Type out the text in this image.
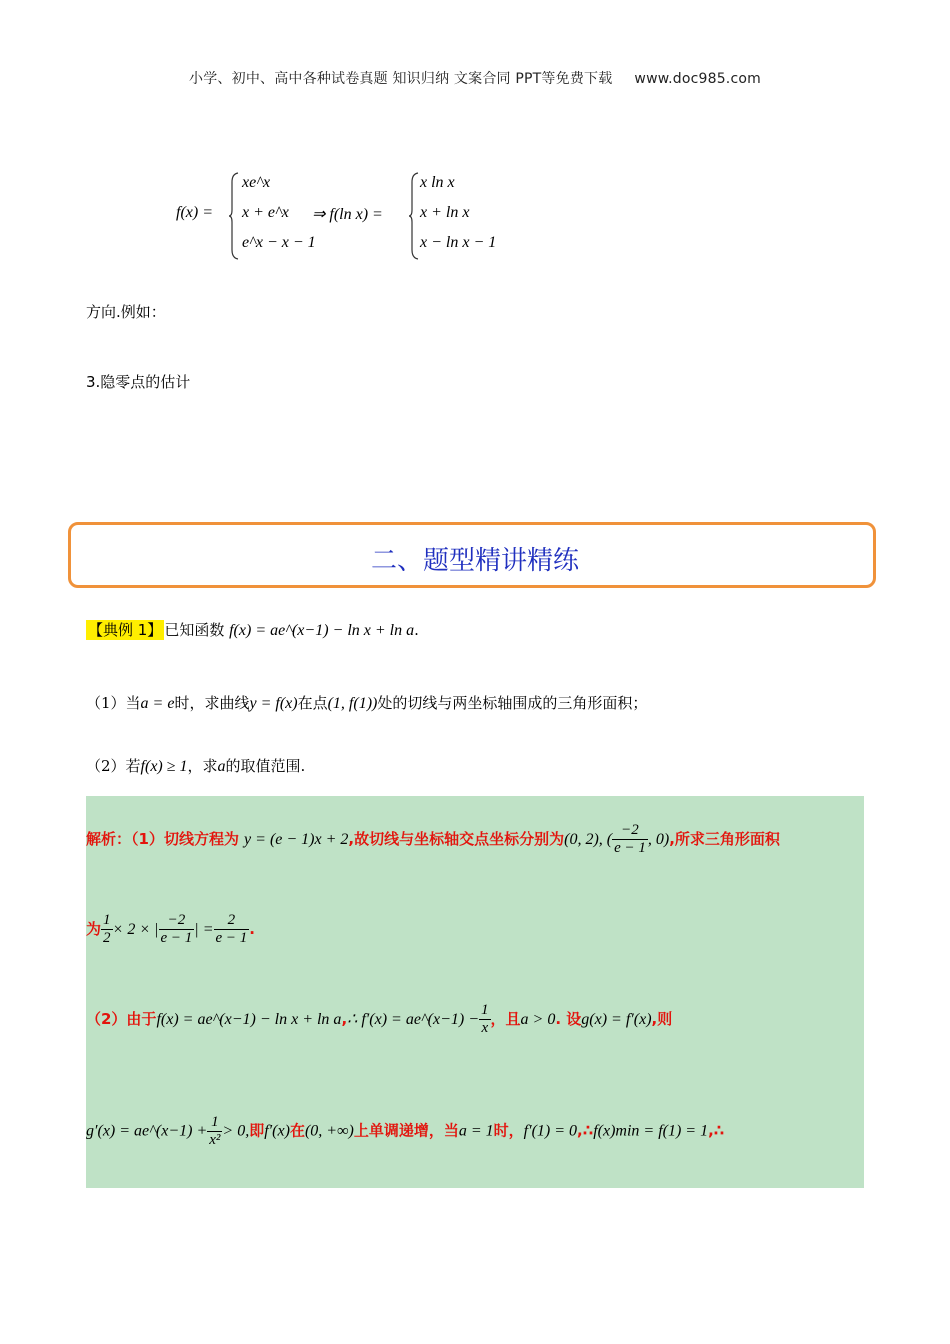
小学、初中、高中各种试卷真题 知识归纳 文案合同 PPT等免费下载 www.doc985.com
f(x) =
xe^x
x + e^x
e^x − x − 1
⇒ f(ln x) =
x ln x
x + ln x
x − ln x − 1
方向.例如：
3.隐零点的估计
二、题型精讲精练
【典例 1】 已知函数 f(x) = ae^(x−1) − ln x + ln a.
（1）当a = e时，求曲线y = f(x)在点(1, f(1))处的切线与两坐标轴围成的三角形面积；
（2）若f(x) ≥ 1，求a的取值范围.
解析：（1）切线方程为 y = (e − 1)x + 2,故切线与坐标轴交点坐标分别为(0, 2), ( $\frac{-2}{e - 1}$ , 0),所求三角形面积
为 $\frac{1}{2} \times 2$ × | $\frac{-2}{e - 1}$ | = $\frac{2}{e - 1}$ .
（2）由于f(x) = ae^(x−1) − ln x + ln a,∴ f′(x) = ae^(x−1) − $\frac{1}{x}$ ，且a > 0. 设g(x) = f′(x),则
g′(x) = ae^(x−1) + $\frac{1}{\text{x²}} > 0$,即f′(x)在(0, +∞)上单调递增，当a = 1时，f′(1) = 0,∴f(x)min = f(1) = 1,∴
